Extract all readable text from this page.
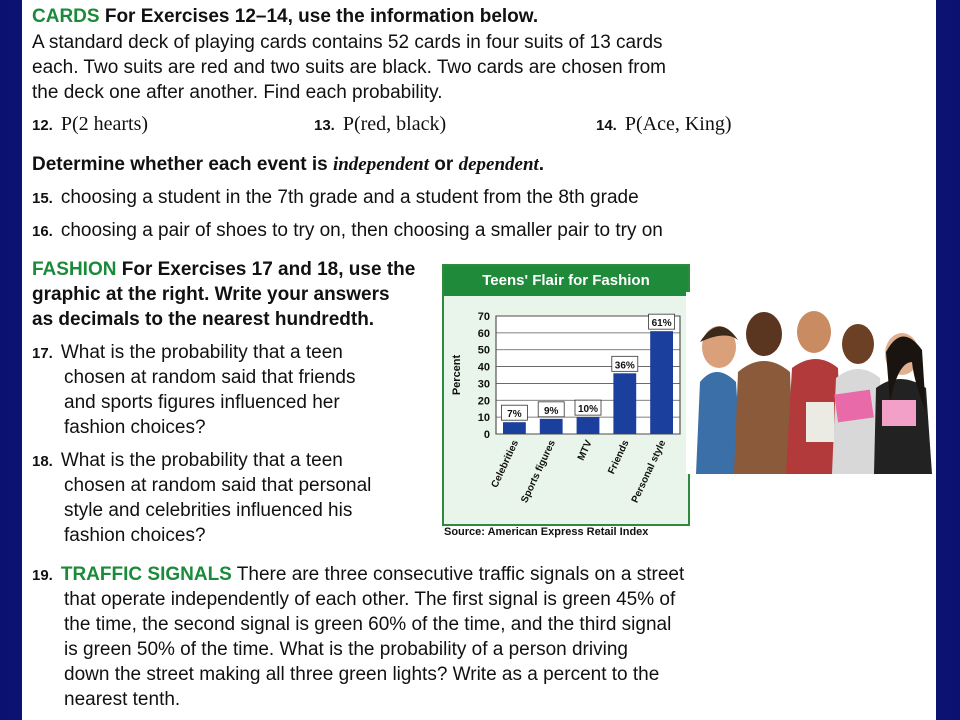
CARDS For Exercises 12–14, use the information below.
A standard deck of playing cards contains 52 cards in four suits of 13 cards
each. Two suits are red and two suits are black. Two cards are chosen from
the deck one after another. Find each probability.
12. P(2 hearts)	13. P(red, black)	14. P(Ace, King)
Determine whether each event is independent or dependent.
15. choosing a student in the 7th grade and a student from the 8th grade
16. choosing a pair of shoes to try on, then choosing a smaller pair to try on
FASHION For Exercises 17 and 18, use the
graphic at the right. Write your answers
as decimals to the nearest hundredth.
17. What is the probability that a teen
chosen at random said that friends
and sports figures influenced her
fashion choices?
18. What is the probability that a teen
chosen at random said that personal
style and celebrities influenced his
fashion choices?
Teens' Flair for Fashion
0
10
20
30
40
50
60
70
Percent
7%
Celebrities
9%
Sports figures
10%
MTV
36%
Friends
61%
Personal style
Source: American Express Retail Index
19. TRAFFIC SIGNALS There are three consecutive traffic signals on a street
that operate independently of each other. The first signal is green 45% of
the time, the second signal is green 60% of the time, and the third signal
is green 50% of the time. What is the probability of a person driving
down the street making all three green lights? Write as a percent to the
nearest tenth.
